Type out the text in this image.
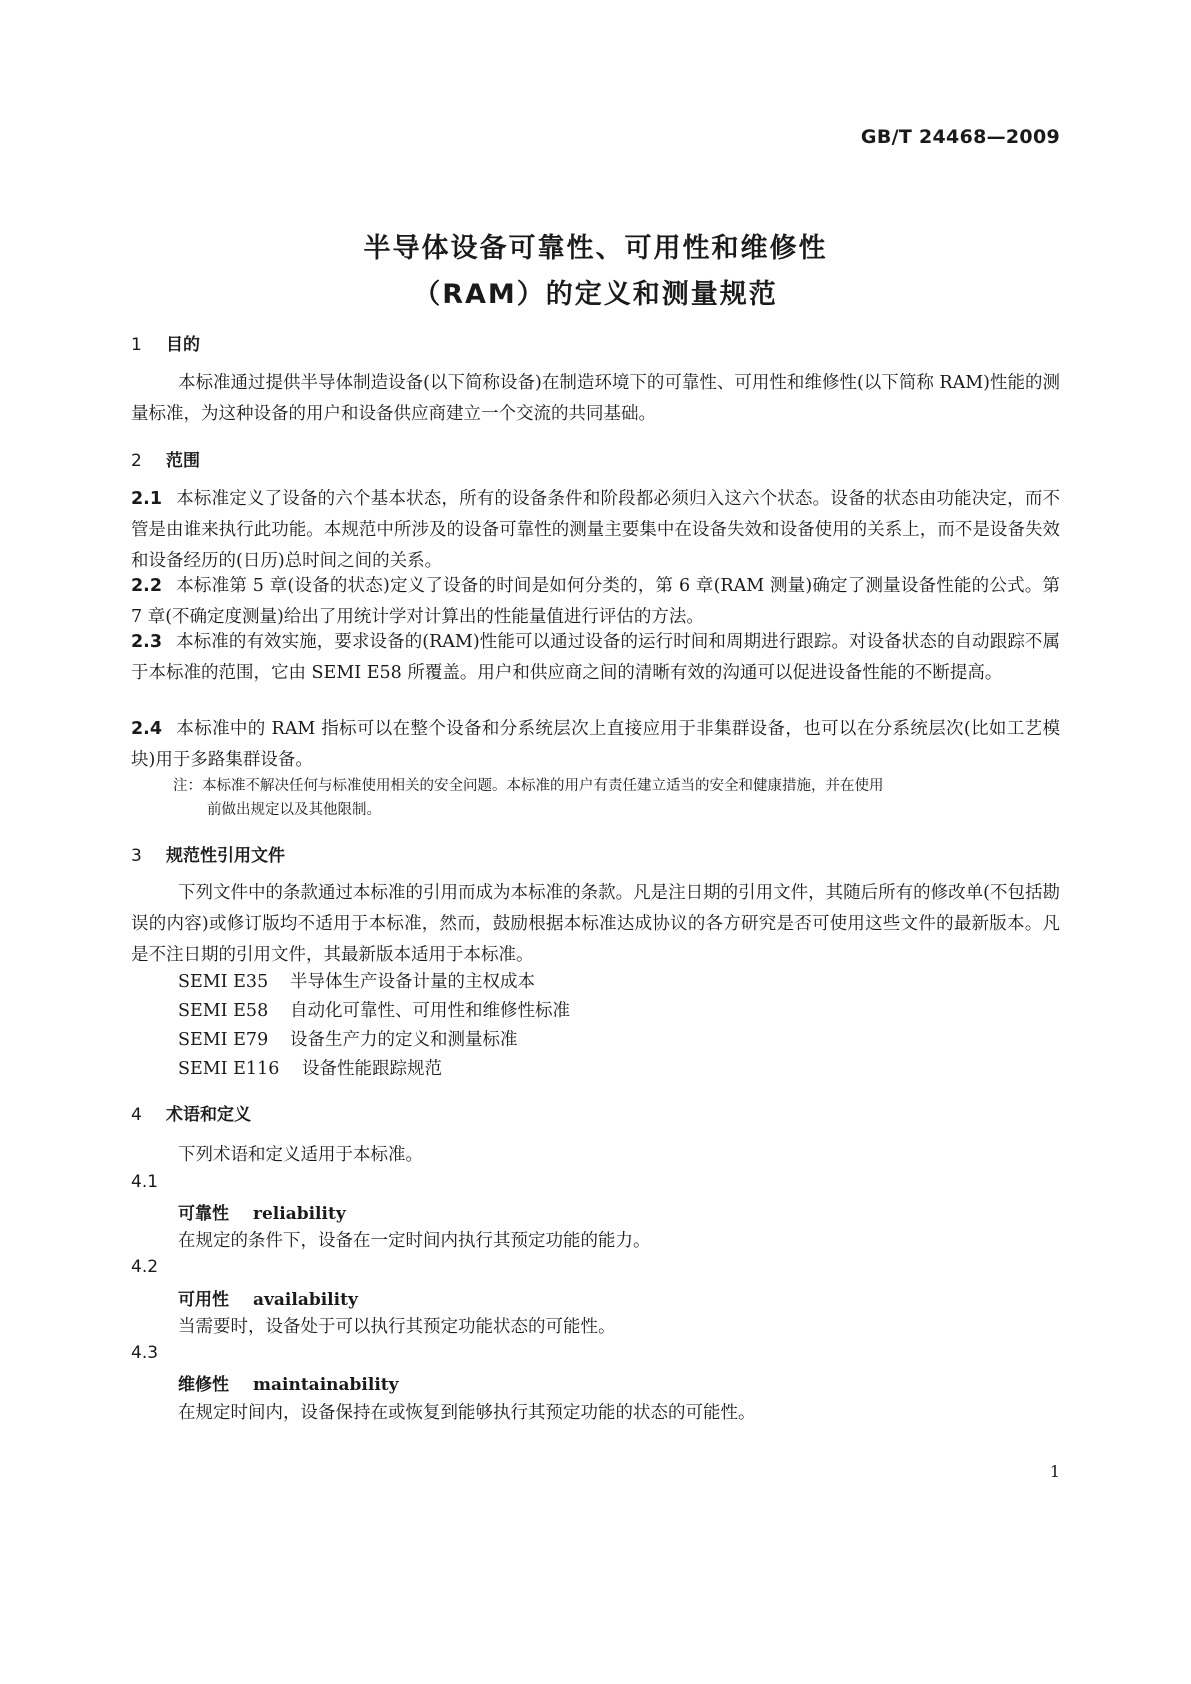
GB/T 24468—2009
半导体设备可靠性、可用性和维修性
（RAM）的定义和测量规范
1 目的
本标准通过提供半导体制造设备(以下简称设备)在制造环境下的可靠性、可用性和维修性(以下简称 RAM)性能的测量标准，为这种设备的用户和设备供应商建立一个交流的共同基础。
2 范围
2.1 本标准定义了设备的六个基本状态，所有的设备条件和阶段都必须归入这六个状态。设备的状态由功能决定，而不管是由谁来执行此功能。本规范中所涉及的设备可靠性的测量主要集中在设备失效和设备使用的关系上，而不是设备失效和设备经历的(日历)总时间之间的关系。
2.2 本标准第 5 章(设备的状态)定义了设备的时间是如何分类的，第 6 章(RAM 测量)确定了测量设备性能的公式。第 7 章(不确定度测量)给出了用统计学对计算出的性能量值进行评估的方法。
2.3 本标准的有效实施，要求设备的(RAM)性能可以通过设备的运行时间和周期进行跟踪。对设备状态的自动跟踪不属于本标准的范围，它由 SEMI E58 所覆盖。用户和供应商之间的清晰有效的沟通可以促进设备性能的不断提高。
2.4 本标准中的 RAM 指标可以在整个设备和分系统层次上直接应用于非集群设备，也可以在分系统层次(比如工艺模块)用于多路集群设备。
注：本标准不解决任何与标准使用相关的安全问题。本标准的用户有责任建立适当的安全和健康措施，并在使用
前做出规定以及其他限制。
3 规范性引用文件
下列文件中的条款通过本标准的引用而成为本标准的条款。凡是注日期的引用文件，其随后所有的修改单(不包括勘误的内容)或修订版均不适用于本标准，然而，鼓励根据本标准达成协议的各方研究是否可使用这些文件的最新版本。凡是不注日期的引用文件，其最新版本适用于本标准。
SEMI E35 半导体生产设备计量的主权成本
SEMI E58 自动化可靠性、可用性和维修性标准
SEMI E79 设备生产力的定义和测量标准
SEMI E116 设备性能跟踪规范
4 术语和定义
下列术语和定义适用于本标准。
4.1
可靠性 reliability
在规定的条件下，设备在一定时间内执行其预定功能的能力。
4.2
可用性 availability
当需要时，设备处于可以执行其预定功能状态的可能性。
4.3
维修性 maintainability
在规定时间内，设备保持在或恢复到能够执行其预定功能的状态的可能性。
1
